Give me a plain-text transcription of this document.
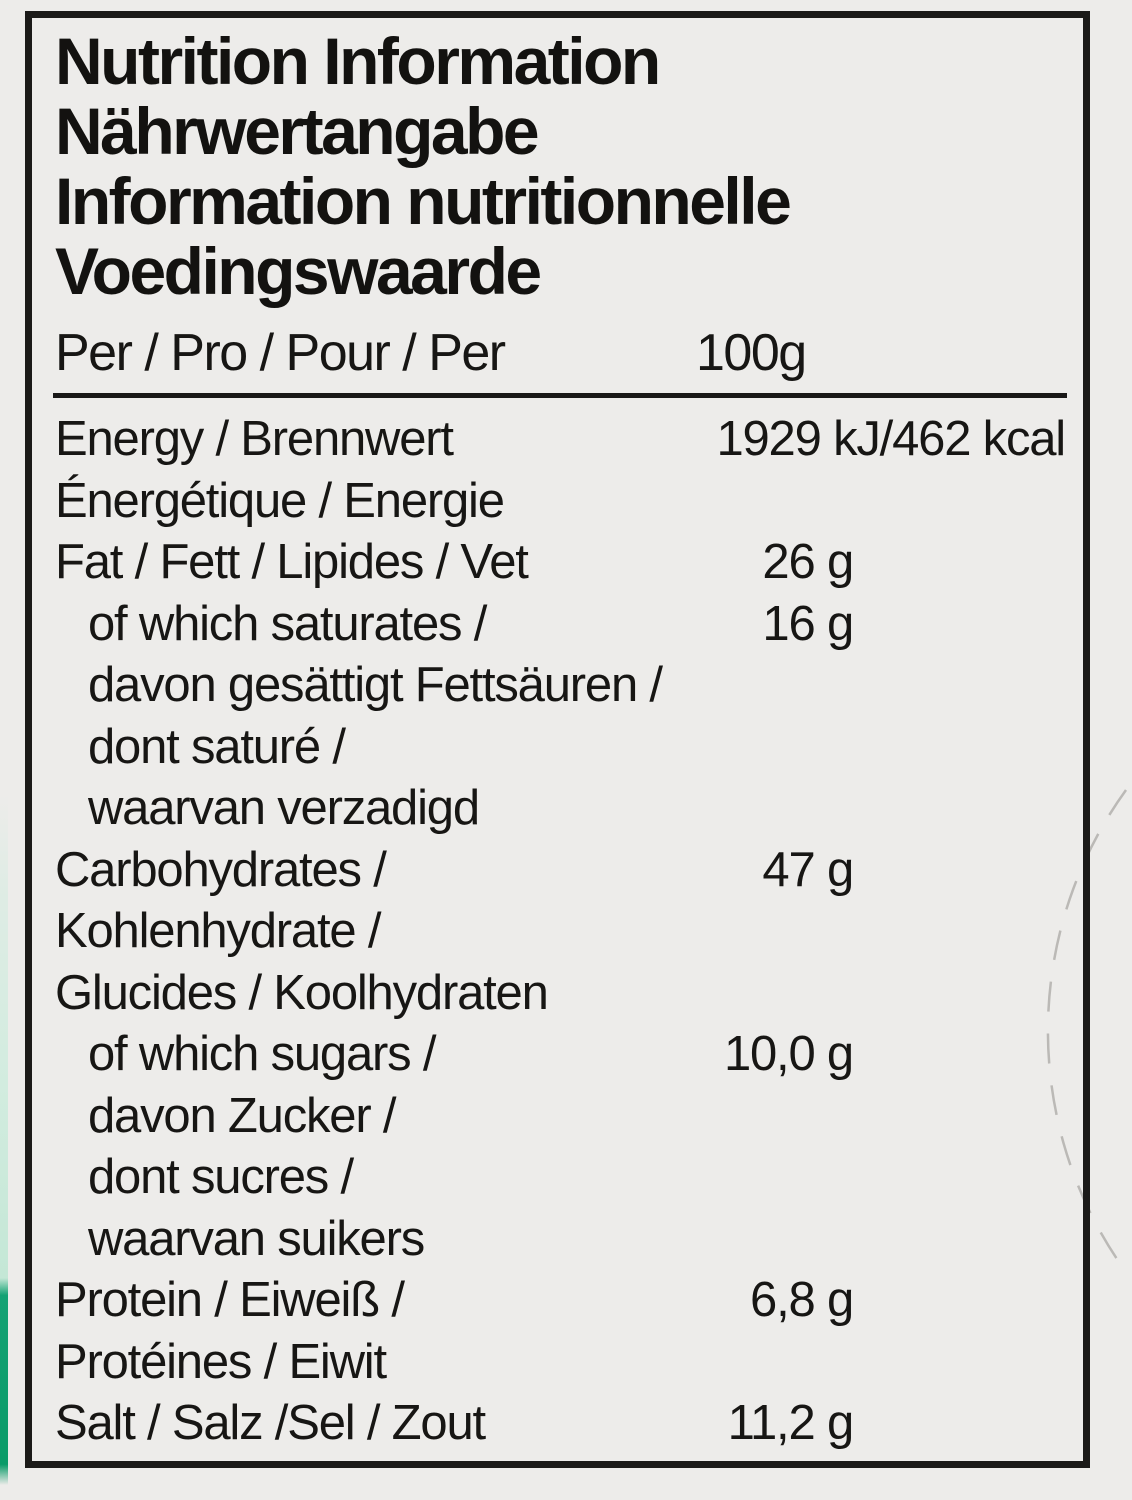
Nutrition Information
Nährwertangabe
Information nutritionnelle
Voedingswaarde
Per / Pro / Pour / Per	100g
Energy / Brennwert	1929 kJ/462 kcal
Énergétique / Energie
Fat / Fett / Lipides / Vet	26 g
of which saturates /	16 g
davon gesättigt Fettsäuren /
dont saturé /
waarvan verzadigd
Carbohydrates /	47 g
Kohlenhydrate /
Glucides / Koolhydraten
of which sugars /	10,0 g
davon Zucker /
dont sucres /
waarvan suikers
Protein / Eiweiß /	6,8 g
Protéines / Eiwit
Salt / Salz /Sel / Zout	11,2 g
